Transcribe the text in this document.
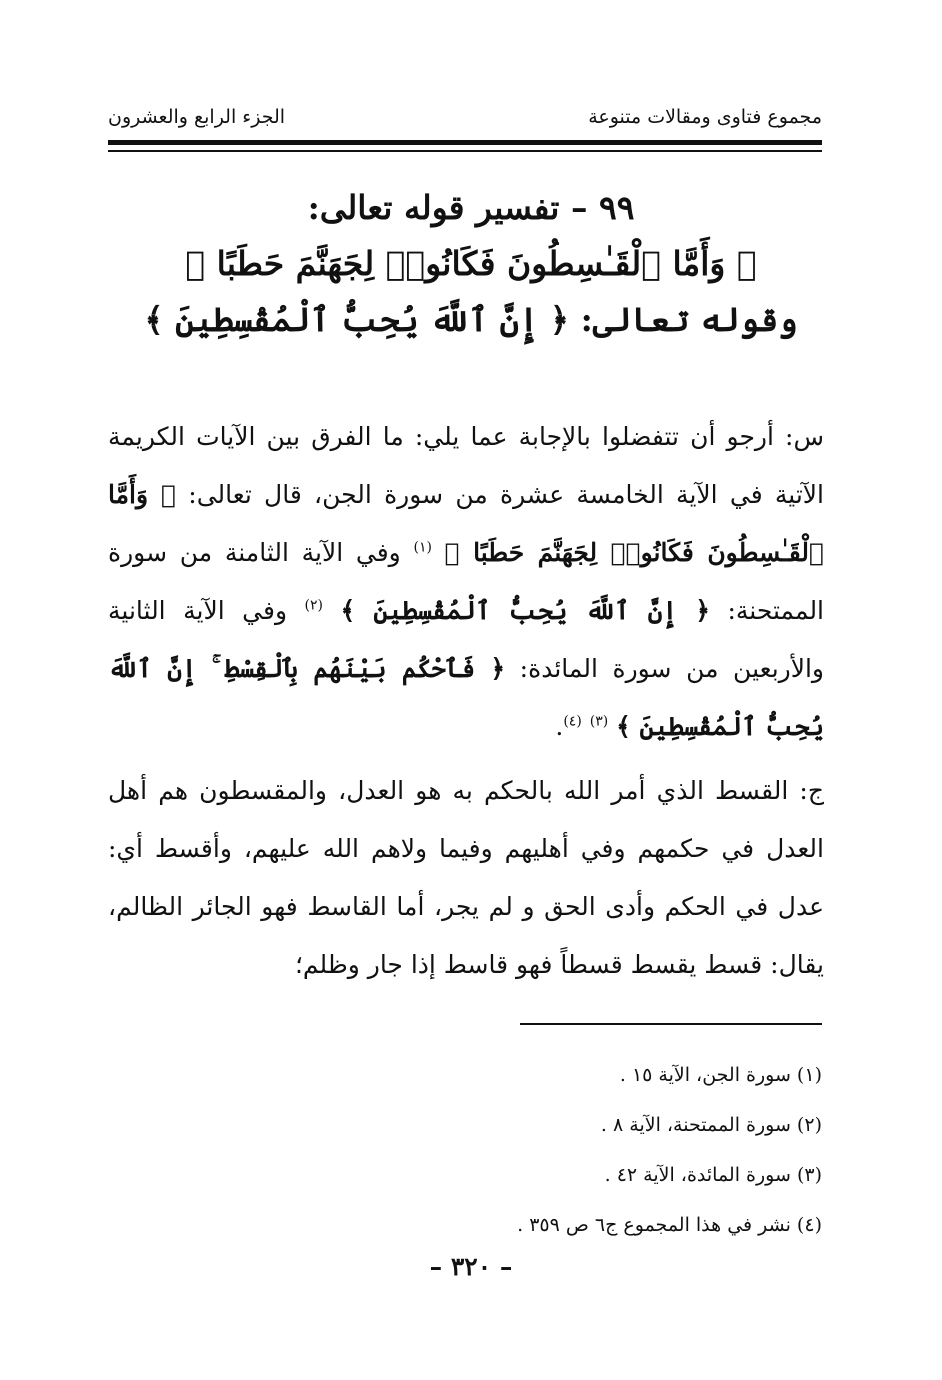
مجموع فتاوى ومقالات متنوعة
الجزء الرابع والعشرون
٩٩ – تفسير قوله تعالى:
﴿ وَأَمَّا ٱلْقَـٰسِطُونَ فَكَانُوا۟ لِجَهَنَّمَ حَطَبًا ﴾
وقوله تعالى: ﴿ إِنَّ ٱللَّهَ يُحِبُّ ٱلْمُقْسِطِينَ ﴾

س: أرجو أن تتفضلوا بالإجابة عما يلي: ما الفرق بين الآيات الكريمة الآتية في الآية الخامسة عشرة من سورة الجن، قال تعالى: ﴿ وَأَمَّا ٱلْقَـٰسِطُونَ فَكَانُوا۟ لِجَهَنَّمَ حَطَبًا ﴾ $^{(١)}$ وفي الآية الثامنة من سورة الممتحنة: ﴿ إِنَّ ٱللَّهَ يُحِبُّ ٱلْمُقْسِطِينَ ﴾ $^{(٢)}$ وفي الآية الثانية والأربعين من سورة المائدة: ﴿ فَٱحْكُم بَيْنَهُم بِٱلْقِسْطِ ۚ إِنَّ ٱللَّهَ يُحِبُّ ٱلْمُقْسِطِينَ ﴾ $^{(٣)}$ $^{(٤)}$.

ج: القسط الذي أمر الله بالحكم به هو العدل، والمقسطون هم أهل العدل في حكمهم وفي أهليهم وفيما ولاهم الله عليهم، وأقسط أي: عدل في الحكم وأدى الحق و لم يجر، أما القاسط فهو الجائر الظالم، يقال: قسط يقسط قسطاً فهو قاسط إذا جار وظلم؛

(١) سورة الجن، الآية ١٥ .
(٢) سورة الممتحنة، الآية ٨ .
(٣) سورة المائدة، الآية ٤٢ .
(٤) نشر في هذا المجموع ج٦ ص ٣٥٩ .
– ٣٢٠ –
